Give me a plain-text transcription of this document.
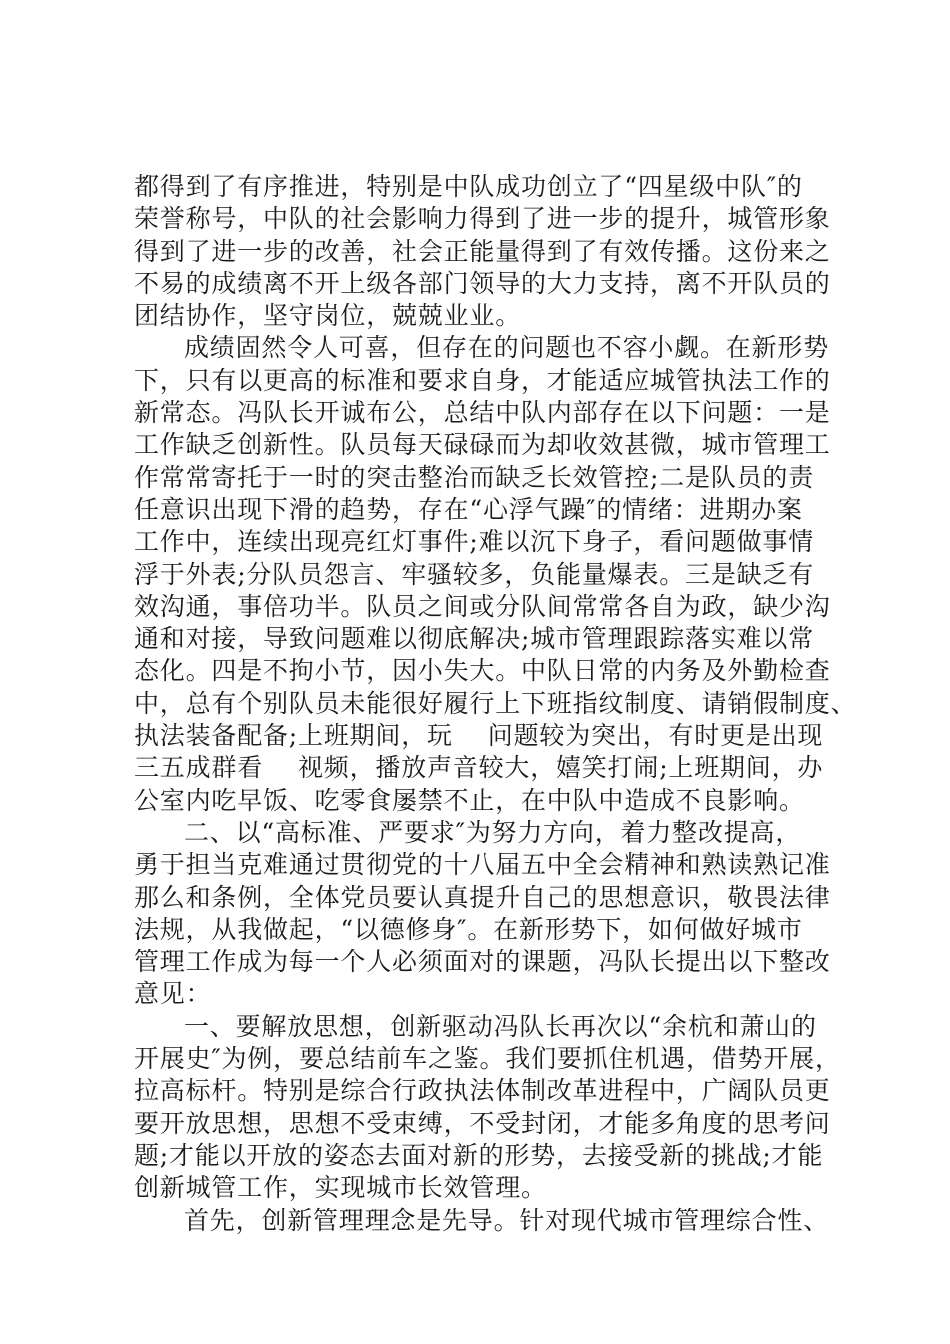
都得到了有序推进，特别是中队成功创立了“四星级中队″的
荣誉称号，中队的社会影响力得到了进一步的提升，城管形象
得到了进一步的改善，社会正能量得到了有效传播。这份来之
不易的成绩离不开上级各部门领导的大力支持，离不开队员的
团结协作，坚守岗位，兢兢业业。
成绩固然令人可喜，但存在的问题也不容小觑。在新形势
下，只有以更高的标准和要求自身，才能适应城管执法工作的
新常态。冯队长开诚布公，总结中队内部存在以下问题：一是
工作缺乏创新性。队员每天碌碌而为却收效甚微，城市管理工
作常常寄托于一时的突击整治而缺乏长效管控;二是队员的责
任意识出现下滑的趋势，存在“心浮气躁″的情绪：进期办案
工作中，连续出现亮红灯事件;难以沉下身子，看问题做事情
浮于外表;分队员怨言、牢骚较多，负能量爆表。三是缺乏有
效沟通，事倍功半。队员之间或分队间常常各自为政，缺少沟
通和对接，导致问题难以彻底解决;城市管理跟踪落实难以常
态化。四是不拘小节，因小失大。中队日常的内务及外勤检查
中，总有个别队员未能很好履行上下班指纹制度、请销假制度、
执法装备配备;上班期间，玩    问题较为突出，有时更是出现
三五成群看    视频，播放声音较大，嬉笑打闹;上班期间，办
公室内吃早饭、吃零食屡禁不止，在中队中造成不良影响。
二、以“高标准、严要求″为努力方向，着力整改提高，
勇于担当克难通过贯彻党的十八届五中全会精神和熟读熟记准
那么和条例，全体党员要认真提升自己的思想意识，敬畏法律
法规，从我做起，“以德修身″。在新形势下，如何做好城市
管理工作成为每一个人必须面对的课题，冯队长提出以下整改
意见：
一、要解放思想，创新驱动冯队长再次以“余杭和萧山的
开展史″为例，要总结前车之鉴。我们要抓住机遇，借势开展，
拉高标杆。特别是综合行政执法体制改革进程中，广阔队员更
要开放思想，思想不受束缚，不受封闭，才能多角度的思考问
题;才能以开放的姿态去面对新的形势，去接受新的挑战;才能
创新城管工作，实现城市长效管理。
首先，创新管理理念是先导。针对现代城市管理综合性、
